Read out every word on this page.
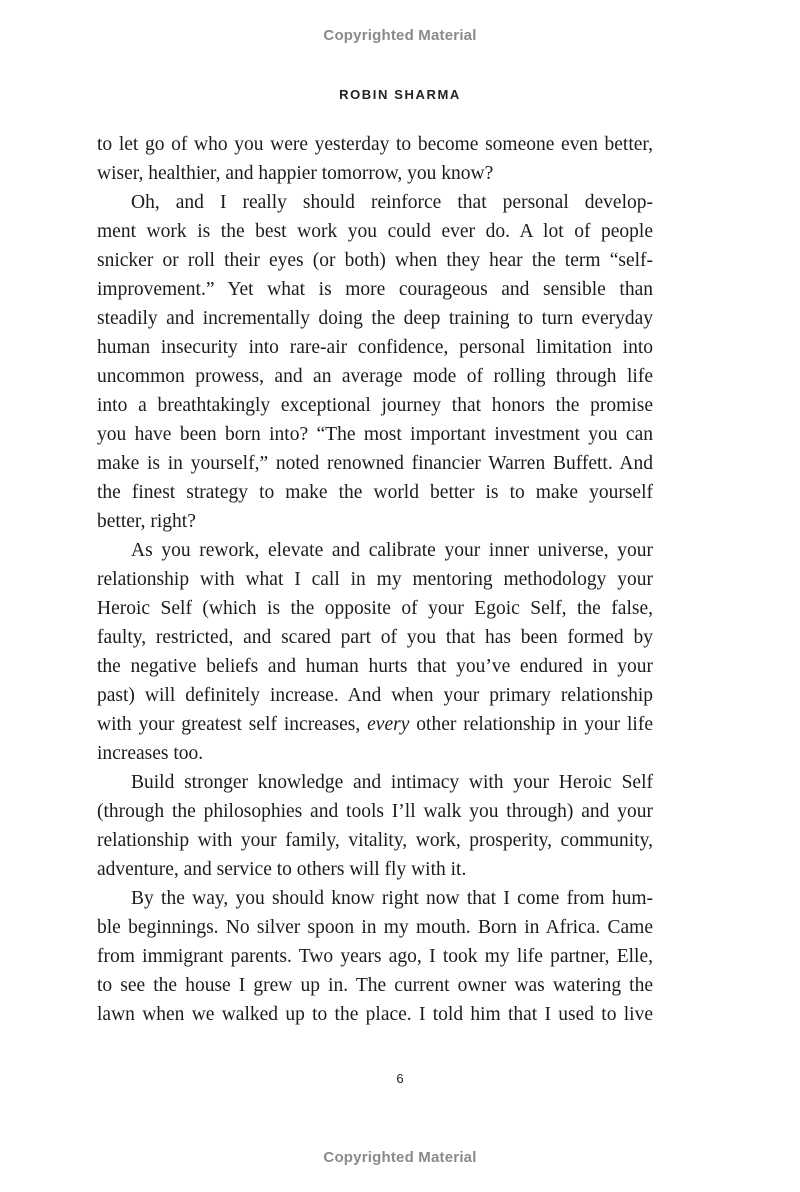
Copyrighted Material
ROBIN SHARMA
to let go of who you were yesterday to become someone even better,
wiser, healthier, and happier tomorrow, you know?
Oh, and I really should reinforce that personal develop-
ment work is the best work you could ever do. A lot of people
snicker or roll their eyes (or both) when they hear the term “self-
improvement.” Yet what is more courageous and sensible than
steadily and incrementally doing the deep training to turn everyday
human insecurity into rare-air confidence, personal limitation into
uncommon prowess, and an average mode of rolling through life
into a breathtakingly exceptional journey that honors the promise
you have been born into? “The most important investment you can
make is in yourself,” noted renowned financier Warren Buffett. And
the finest strategy to make the world better is to make yourself
better, right?
As you rework, elevate and calibrate your inner universe, your
relationship with what I call in my mentoring methodology your
Heroic Self (which is the opposite of your Egoic Self, the false,
faulty, restricted, and scared part of you that has been formed by
the negative beliefs and human hurts that you’ve endured in your
past) will definitely increase. And when your primary relationship
with your greatest self increases, every other relationship in your life
increases too.
Build stronger knowledge and intimacy with your Heroic Self
(through the philosophies and tools I’ll walk you through) and your
relationship with your family, vitality, work, prosperity, community,
adventure, and service to others will fly with it.
By the way, you should know right now that I come from hum-
ble beginnings. No silver spoon in my mouth. Born in Africa. Came
from immigrant parents. Two years ago, I took my life partner, Elle,
to see the house I grew up in. The current owner was watering the
lawn when we walked up to the place. I told him that I used to live
6
Copyrighted Material
